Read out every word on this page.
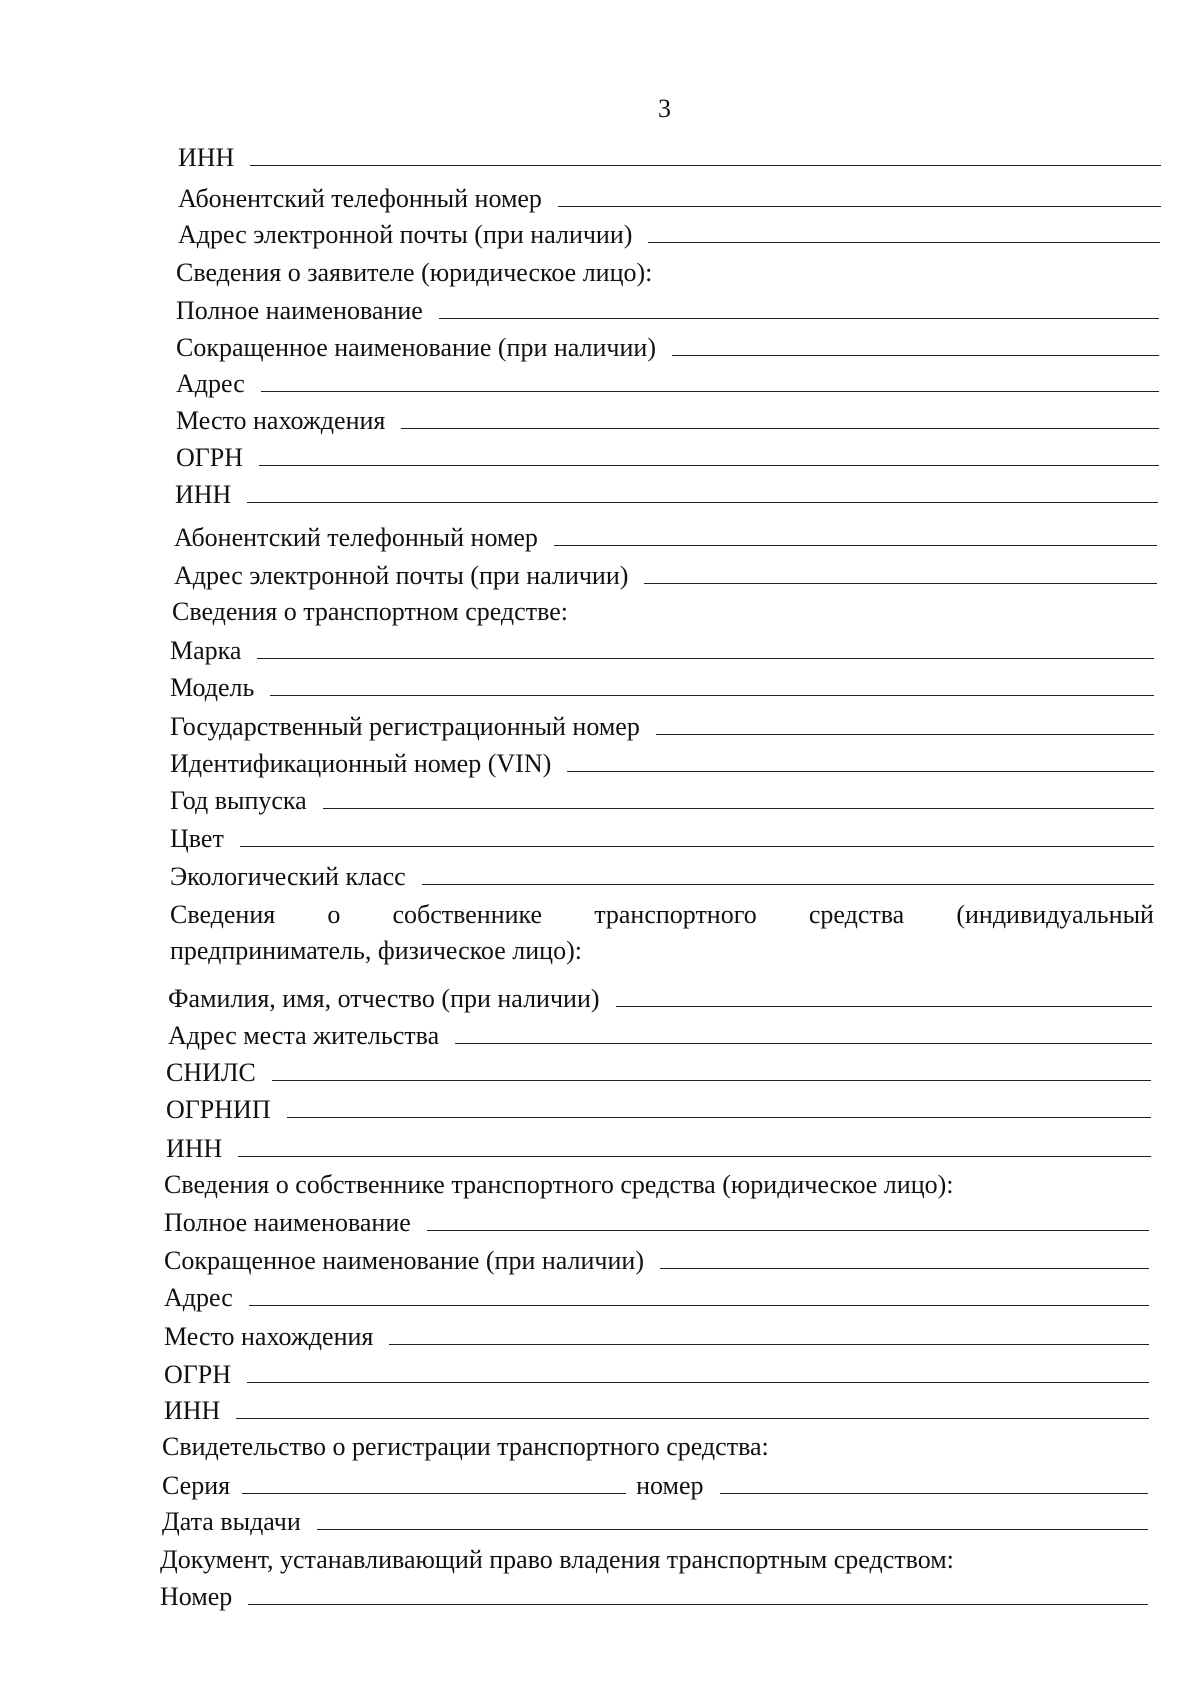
3
ИНН
Абонентский телефонный номер
Адрес электронной почты (при наличии)
Сведения о заявителе (юридическое лицо):
Полное наименование
Сокращенное наименование (при наличии)
Адрес
Место нахождения
ОГРН
ИНН
Абонентский телефонный номер
Адрес электронной почты (при наличии)
Сведения о транспортном средстве:
Марка
Модель
Государственный регистрационный номер
Идентификационный номер (VIN)
Год выпуска
Цвет
Экологический класс
Сведения о собственнике транспортного средства (индивидуальный
предприниматель, физическое лицо):
Фамилия, имя, отчество (при наличии)
Адрес места жительства
СНИЛС
ОГРНИП
ИНН
Сведения о собственнике транспортного средства (юридическое лицо):
Полное наименование
Сокращенное наименование (при наличии)
Адрес
Место нахождения
ОГРН
ИНН
Свидетельство о регистрации транспортного средства:
Серия	номер
Дата выдачи
Документ, устанавливающий право владения транспортным средством:
Номер
